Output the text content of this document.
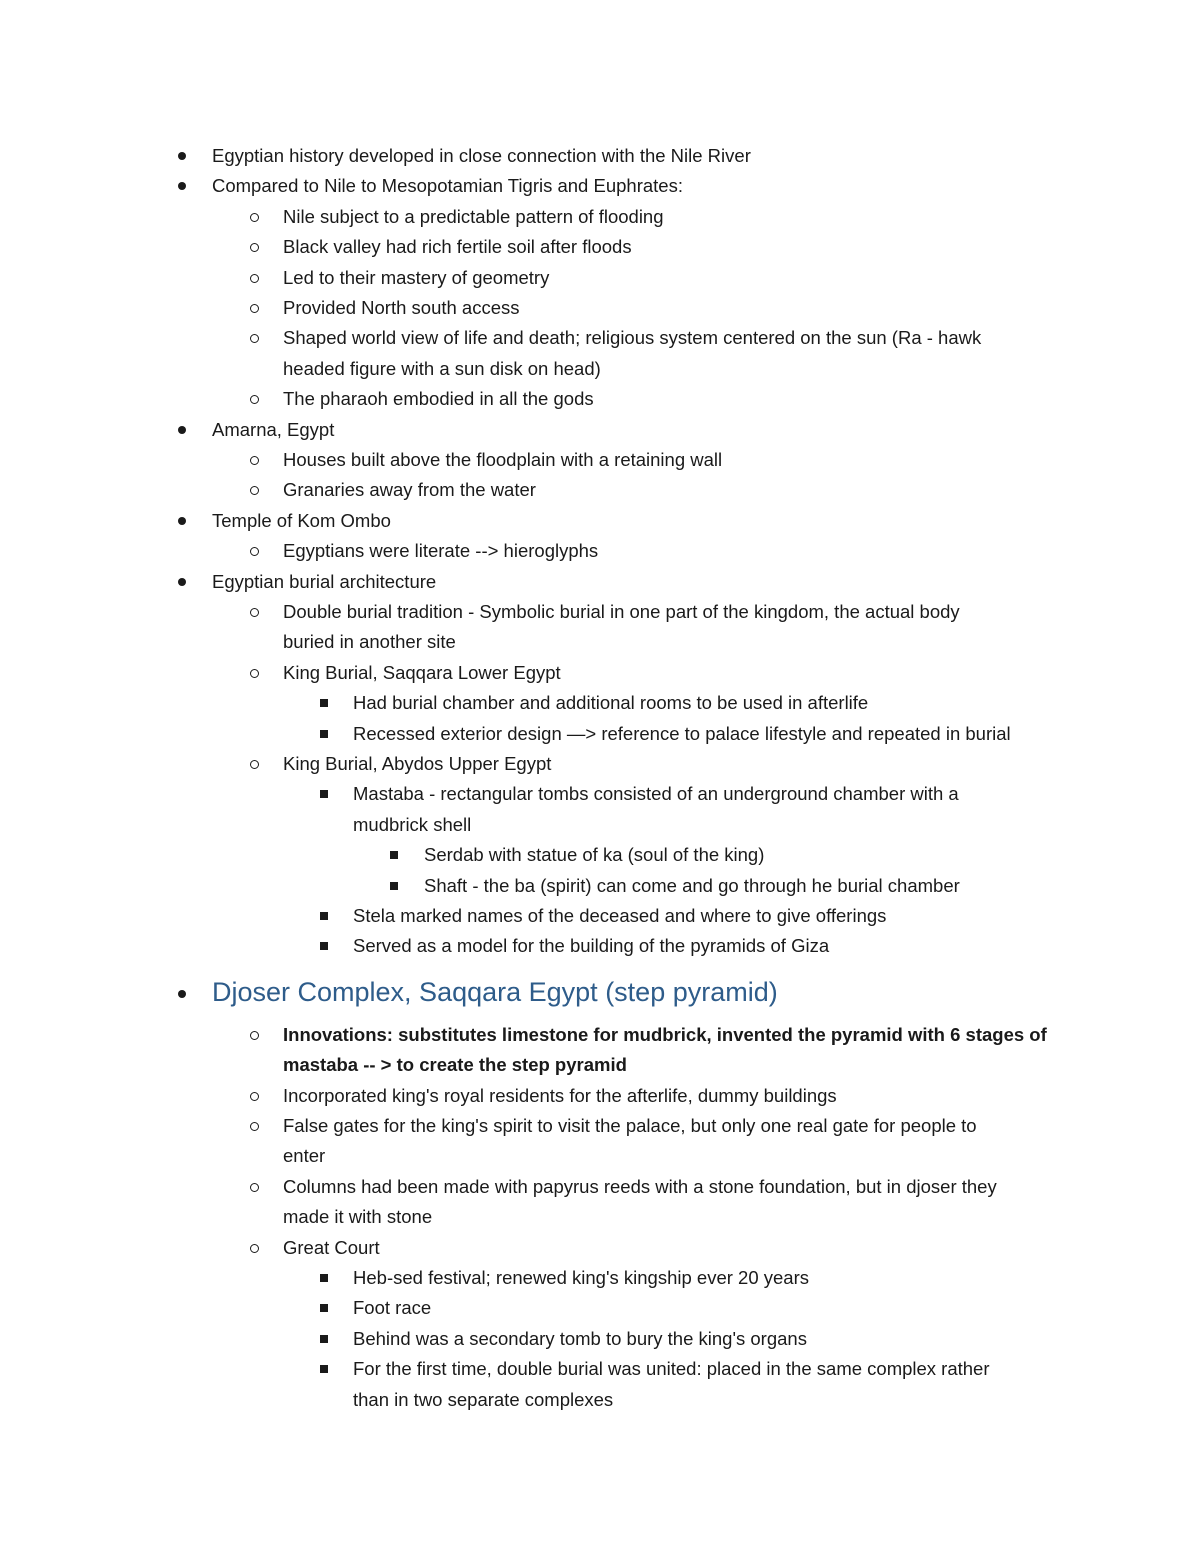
Egyptian history developed in close connection with the Nile River
Compared to Nile to Mesopotamian Tigris and Euphrates:
Nile subject to a predictable pattern of flooding
Black valley had rich fertile soil after floods
Led to their mastery of geometry
Provided North south access
Shaped world view of life and death; religious system centered on the sun (Ra - hawk
headed figure with a sun disk on head)
The pharaoh embodied in all the gods
Amarna, Egypt
Houses built above the floodplain with a retaining wall
Granaries away from the water
Temple of Kom Ombo
Egyptians were literate --> hieroglyphs
Egyptian burial architecture
Double burial tradition - Symbolic burial in one part of the kingdom, the actual body
buried in another site
King Burial, Saqqara Lower Egypt
Had burial chamber and additional rooms to be used in afterlife
Recessed exterior design —> reference to palace lifestyle and repeated in burial
King Burial, Abydos Upper Egypt
Mastaba - rectangular tombs consisted of an underground chamber with a
mudbrick shell
Serdab with statue of ka (soul of the king)
Shaft - the ba (spirit) can come and go through he burial chamber
Stela marked names of the deceased and where to give offerings
Served as a model for the building of the pyramids of Giza
Djoser Complex, Saqqara Egypt (step pyramid)
Innovations: substitutes limestone for mudbrick, invented the pyramid with 6 stages of
mastaba -- > to create the step pyramid
Incorporated king's royal residents for the afterlife, dummy buildings
False gates for the king's spirit to visit the palace, but only one real gate for people to
enter
Columns had been made with papyrus reeds with a stone foundation, but in djoser they
made it with stone
Great Court
Heb-sed festival; renewed king's kingship ever 20 years
Foot race
Behind was a secondary tomb to bury the king's organs
For the first time, double burial was united: placed in the same complex rather
than in two separate complexes
